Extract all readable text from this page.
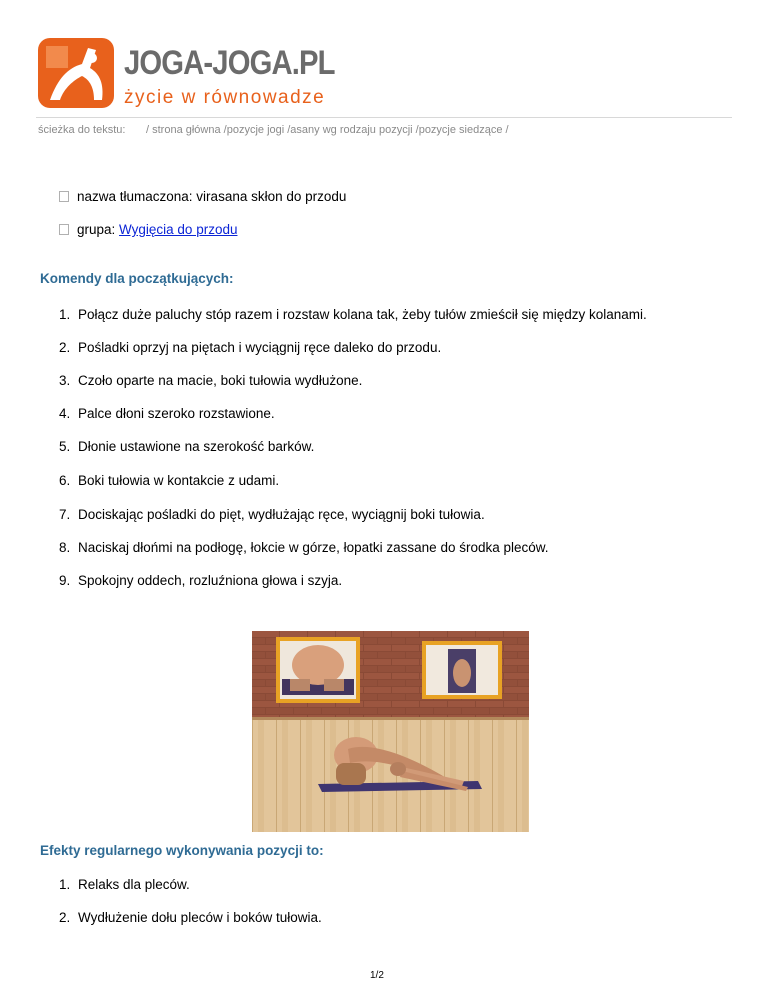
JOGA-JOGA.PL
życie w równowadze
ścieżka do tekstu: / strona główna /pozycje jogi /asany wg rodzaju pozycji /pozycje siedzące /
nazwa tłumaczona: virasana skłon do przodu
grupa: Wygięcia do przodu
Komendy dla początkujących:
1. Połącz duże paluchy stóp razem i rozstaw kolana tak, żeby tułów zmieścił się między kolanami.
2. Pośladki oprzyj na piętach i wyciągnij ręce daleko do przodu.
3. Czoło oparte na macie, boki tułowia wydłużone.
4. Palce dłoni szeroko rozstawione.
5. Dłonie ustawione na szerokość barków.
6. Boki tułowia w kontakcie z udami.
7. Dociskając pośladki do pięt, wydłużając ręce, wyciągnij boki tułowia.
8. Naciskaj dłońmi na podłogę, łokcie w górze, łopatki zassane do środka pleców.
9. Spokojny oddech, rozluźniona głowa i szyja.
Efekty regularnego wykonywania pozycji to:
1. Relaks dla pleców.
2. Wydłużenie dołu pleców i boków tułowia.
1/2
